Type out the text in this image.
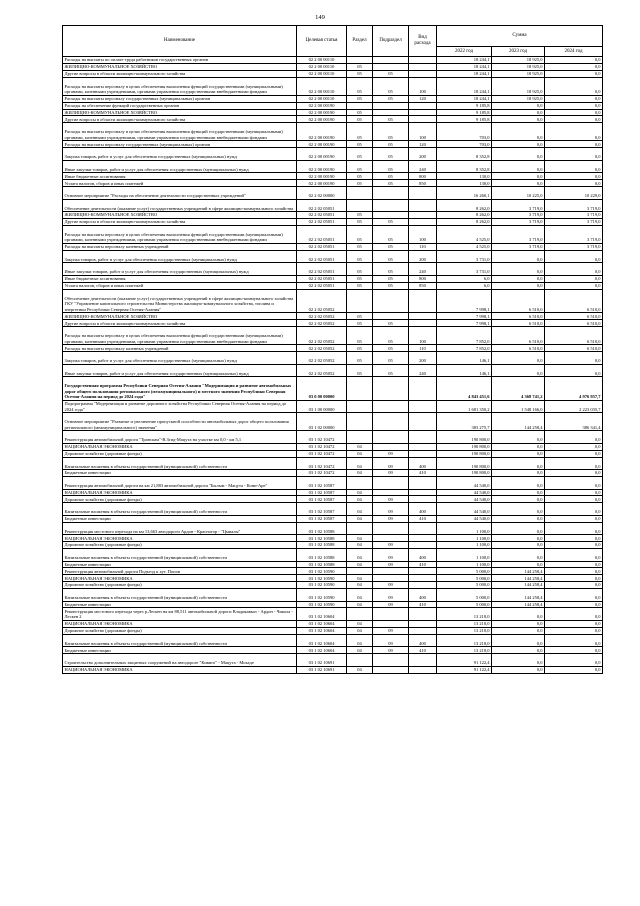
149
Наименование	Целевая статья	Раздел	Подраздел	Вид расхода	Сумма		
					2022 год	2023 год	2024 год
Расходы на выплаты по оплате труда работников государственных органов	02 2 00 00110				18 244,1	18 925,0	0,0
ЖИЛИЩНО-КОММУНАЛЬНОЕ ХОЗЯЙСТВО	02 2 00 00110	05			18 244,1	18 925,0	0,0
Другие вопросы в области жилищно-коммунального хозяйства	02 2 00 00110	05	05		18 244,1	18 925,0	0,0
Расходы на выплаты персоналу в целях обеспечения выполнения функций государственными (муниципальными) органами, казенными учреждениями, органами управления государственными внебюджетными фондами	02 2 00 00110	05	05	100	18 244,1	18 925,0	0,0
Расходы на выплаты персоналу государственных (муниципальных) органов	02 2 00 00110	05	05	120	18 244,1	18 925,0	0,0
Расходы на обеспечение функций государственных органов	02 2 00 00190				9 185,8	0,0	0,0
ЖИЛИЩНО-КОММУНАЛЬНОЕ ХОЗЯЙСТВО	02 2 00 00190	05			9 185,8	0,0	0,0
Другие вопросы в области жилищно-коммунального хозяйства	02 2 00 00190	05	05		9 185,8	0,0	0,0
Расходы на выплаты персоналу в целях обеспечения выполнения функций государственными (муниципальными) органами, казенными учреждениями, органами управления государственными внебюджетными фондами	02 2 00 00190	05	05	100	703,0	0,0	0,0
Расходы на выплаты персоналу государственных (муниципальных) органов	02 2 00 00190	05	05	120	703,0	0,0	0,0
Закупка товаров, работ и услуг для обеспечения государственных (муниципальных) нужд	02 2 00 00190	05	05	200	8 352,8	0,0	0,0
Иные закупки товаров, работ и услуг для обеспечения государственных (муниципальных) нужд	02 2 00 00190	05	05	240	8 352,8	0,0	0,0
Иные бюджетные ассигнования	02 2 00 00190	05	05	800	130,0	0,0	0,0
Уплата налогов, сборов и иных платежей	02 2 00 00190	05	05	850	130,0	0,0	0,0
Основное мероприятие "Расходы на обеспечение деятельности государственных учреждений"	02 2 02 00000				16 260,1	10 225,0	10 229,0
Обеспечение деятельности (оказание услуг) государственных учреждений в сфере жилищно-коммунального хозяйства	02 2 02 05051				8 262,0	3 719,0	3 719,0
ЖИЛИЩНО-КОММУНАЛЬНОЕ ХОЗЯЙСТВО	02 2 02 05051	05			8 262,0	3 719,0	3 719,0
Другие вопросы в области жилищно-коммунального хозяйства	02 2 02 05051	05	05		8 262,0	3 719,0	3 719,0
Расходы на выплаты персоналу в целях обеспечения выполнения функций государственными (муниципальными) органами, казенными учреждениями, органами управления государственными внебюджетными фондами	02 2 02 05051	05	05	100	4 525,0	3 719,0	3 719,0
Расходы на выплаты персоналу казенных учреждений	02 2 02 05051	05	05	110	4 525,0	3 719,0	3 719,0
Закупка товаров, работ и услуг для обеспечения государственных (муниципальных) нужд	02 2 02 05051	05	05	200	3 731,0	0,0	0,0
Иные закупки товаров, работ и услуг для обеспечения государственных (муниципальных) нужд	02 2 02 05051	05	05	240	3 731,0	0,0	0,0
Иные бюджетные ассигнования	02 2 02 05051	05	05	800	6,0	0,0	0,0
Уплата налогов, сборов и иных платежей	02 2 02 05051	05	05	850	6,0	0,0	0,0
Обеспечение деятельности (оказание услуг) государственных учреждений в сфере жилищно-коммунального хозяйства ГКУ "Управление капитального строительства Министерства жилищно-коммунального хозяйства, топлива и энергетики Республики Северная Осетия-Алания"	02 2 02 05052				7 998,1	6 510,0	6 510,0
ЖИЛИЩНО-КОММУНАЛЬНОЕ ХОЗЯЙСТВО	02 2 02 05052	05			7 998,1	6 510,0	6 510,0
Другие вопросы в области жилищно-коммунального хозяйства	02 2 02 05052	05	05		7 998,1	6 510,0	6 510,0
Расходы на выплаты персоналу в целях обеспечения выполнения функций государственными (муниципальными) органами, казенными учреждениями, органами управления государственными внебюджетными фондами	02 2 02 05052	05	05	100	7 852,0	6 510,0	6 510,0
Расходы на выплаты персоналу казенных учреждений	02 2 02 05052	05	05	110	7 852,0	6 510,0	6 510,0
Закупка товаров, работ и услуг для обеспечения государственных (муниципальных) нужд	02 2 02 05052	05	05	200	146,1	0,0	0,0
Иные закупки товаров, работ и услуг для обеспечения государственных (муниципальных) нужд	02 2 02 05052	05	05	240	146,1	0,0	0,0
Государственная программа Республики Северная Осетия-Алания "Модернизация и развитие автомобильных дорог общего пользования регионального (межмуниципального) и местного значения Республики Северная Осетия-Алания на период до 2024 года"	03 0 00 00000				4 843 451,6	4 368 741,2	4 976 957,7
Подпрограмма "Модернизация и развитие дорожного хозяйства Республики Северная Осетия-Алания на период до 2024 года"	03 1 00 00000				1 681 350,2	1 548 166,0	2 223 035,7
Основное мероприятие "Развитие и увеличение пропускной способности автомобильных дорог общего пользования регионального (межмуниципального) значения"	03 1 02 00000				383 275,7	144 258,4	386 341,4
Реконструкция автомобильной дороги "Транскам"-В.Згид-Мацута на участке км 0,0 - км 5,1	03 1 02 10472				190 800,0	0,0	0,0
НАЦИОНАЛЬНАЯ ЭКОНОМИКА	03 1 02 10472	04			190 800,0	0,0	0,0
Дорожное хозяйство (дорожные фонды)	03 1 02 10472	04	09		190 800,0	0,0	0,0
Капитальные вложения в объекты государственной (муниципальной) собственности	03 1 02 10472	04	09	400	190 800,0	0,0	0,0
Бюджетные инвестиции	03 1 02 10472	04	09	410	190 800,0	0,0	0,0
Реконструкция автомобильной дороги на км 21,883 автомобильной дороги "Былым - Мацута - Кони-Аре"	03 1 02 10587				44 540,0	0,0	0,0
НАЦИОНАЛЬНАЯ ЭКОНОМИКА	03 1 02 10587	04			44 540,0	0,0	0,0
Дорожное хозяйство (дорожные фонды)	03 1 02 10587	04	09		44 540,0	0,0	0,0
Капитальные вложения в объекты государственной (муниципальной) собственности	03 1 02 10587	04	09	400	44 540,0	0,0	0,0
Бюджетные инвестиции	03 1 02 10587	04	09	410	44 540,0	0,0	0,0
Реконструкция мостового перехода на км 13,663 автодороги Ардон - Красногор - "Цмиалы"	03 1 02 10588				1 100,0	0,0	0,0
НАЦИОНАЛЬНАЯ ЭКОНОМИКА	03 1 02 10588	04			1 100,0	0,0	0,0
Дорожное хозяйство (дорожные фонды)	03 1 02 10588	04	09		1 100,0	0,0	0,0
Капитальные вложения в объекты государственной (муниципальной) собственности	03 1 02 10588	04	09	400	1 100,0	0,0	0,0
Бюджетные инвестиции	03 1 02 10588	04	09	410	1 100,0	0,0	0,0
Реконструкция автомобильной дороги Подъезд к хут. Попов	03 1 02 10590				5 000,0	144 258,4	0,0
НАЦИОНАЛЬНАЯ ЭКОНОМИКА	03 1 02 10590	04			5 000,0	144 258,4	0,0
Дорожное хозяйство (дорожные фонды)	03 1 02 10590	04	09		5 000,0	144 258,4	0,0
Капитальные вложения в объекты государственной (муниципальной) собственности	03 1 02 10590	04	09	400	5 000,0	144 258,4	0,0
Бюджетные инвестиции	03 1 02 10590	04	09	410	5 000,0	144 258,4	0,0
Реконструкция мостового перехода через р.Лескен на км 88,511 автомобильной дороги Владикавказ - Ардон - Чикола - Лескен 2	03 1 02 10604				13 218,0	0,0	0,0
НАЦИОНАЛЬНАЯ ЭКОНОМИКА	03 1 02 10604	04			13 218,0	0,0	0,0
Дорожное хозяйство (дорожные фонды)	03 1 02 10604	04	09		13 218,0	0,0	0,0
Капитальные вложения в объекты государственной (муниципальной) собственности	03 1 02 10604	04	09	400	13 218,0	0,0	0,0
Бюджетные инвестиции	03 1 02 10604	04	09	410	13 218,0	0,0	0,0
Строительство дополнительных защитных сооружений на автодороге "Кивиго" - Мацута - Мохаде	03 1 02 10691				91 122,4	0,0	0,0
НАЦИОНАЛЬНАЯ ЭКОНОМИКА	03 1 02 10691	04			91 122,4	0,0	0,0
